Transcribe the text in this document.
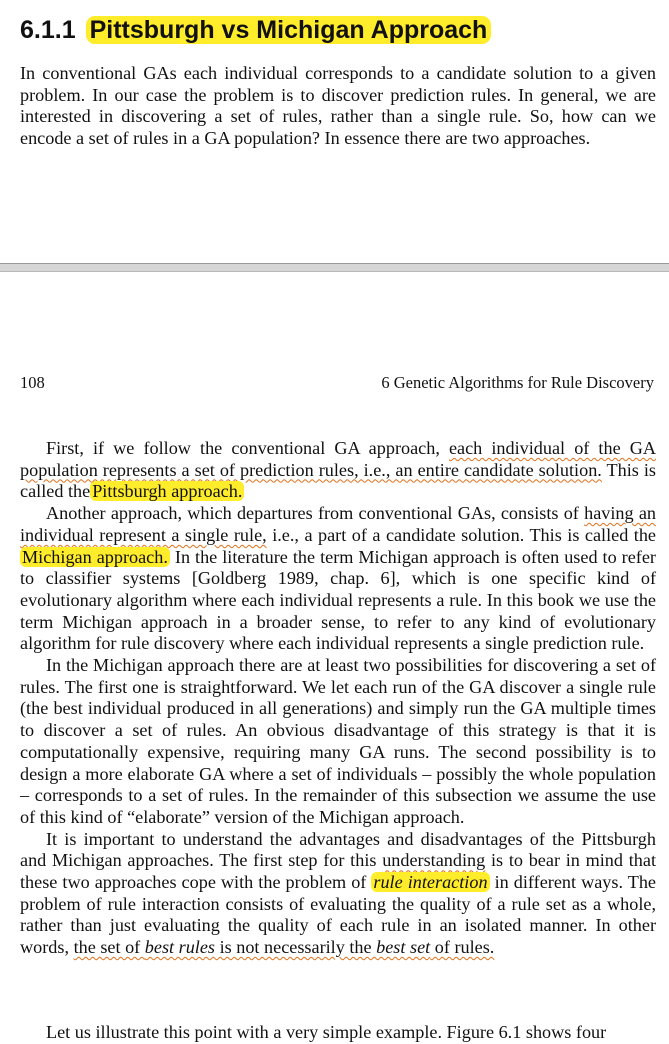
6.1.1 Pittsburgh vs Michigan Approach

In conventional GAs each individual corresponds to a candidate solution to a given problem. In our case the problem is to discover prediction rules. In general, we are interested in discovering a set of rules, rather than a single rule. So, how can we encode a set of rules in a GA population? In essence there are two approaches.

108	6 Genetic Algorithms for Rule Discovery

First, if we follow the conventional GA approach, each individual of the GA population represents a set of prediction rules, i.e., an entire candidate solution. This is called the Pittsburgh approach.

Another approach, which departures from conventional GAs, consists of having an individual represent a single rule, i.e., a part of a candidate solution. This is called the Michigan approach. In the literature the term Michigan approach is often used to refer to classifier systems [Goldberg 1989, chap. 6], which is one specific kind of evolutionary algorithm where each individual represents a rule. In this book we use the term Michigan approach in a broader sense, to refer to any kind of evolutionary algorithm for rule discovery where each individual represents a single prediction rule.

In the Michigan approach there are at least two possibilities for discovering a set of rules. The first one is straightforward. We let each run of the GA discover a single rule (the best individual produced in all generations) and simply run the GA multiple times to discover a set of rules. An obvious disadvantage of this strategy is that it is computationally expensive, requiring many GA runs. The second possibility is to design a more elaborate GA where a set of individuals – possibly the whole population – corresponds to a set of rules. In the remainder of this subsection we assume the use of this kind of “elaborate” version of the Michigan approach.

It is important to understand the advantages and disadvantages of the Pittsburgh and Michigan approaches. The first step for this understanding is to bear in mind that these two approaches cope with the problem of rule interaction in different ways. The problem of rule interaction consists of evaluating the quality of a rule set as a whole, rather than just evaluating the quality of each rule in an isolated manner. In other words, the set of best rules is not necessarily the best set of rules.

Let us illustrate this point with a very simple example. Figure 6.1 shows four
